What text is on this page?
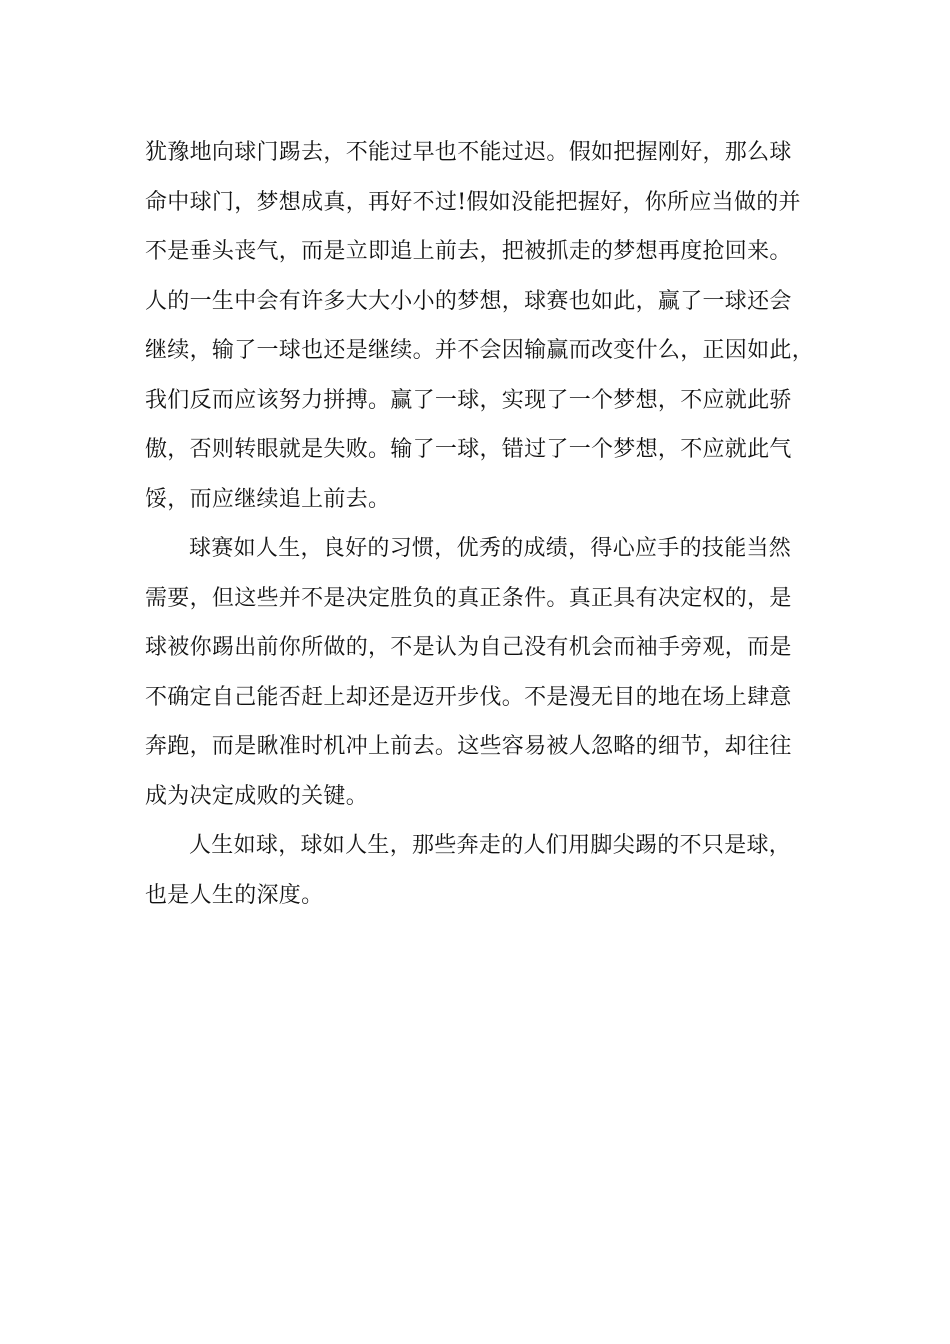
犹豫地向球门踢去，不能过早也不能过迟。假如把握刚好，那么球
命中球门，梦想成真，再好不过!假如没能把握好，你所应当做的并
不是垂头丧气，而是立即追上前去，把被抓走的梦想再度抢回来。
人的一生中会有许多大大小小的梦想，球赛也如此，赢了一球还会
继续，输了一球也还是继续。并不会因输赢而改变什么，正因如此，
我们反而应该努力拼搏。赢了一球，实现了一个梦想，不应就此骄
傲，否则转眼就是失败。输了一球，错过了一个梦想，不应就此气
馁，而应继续追上前去。
球赛如人生，良好的习惯，优秀的成绩，得心应手的技能当然
需要，但这些并不是决定胜负的真正条件。真正具有决定权的，是
球被你踢出前你所做的，不是认为自己没有机会而袖手旁观，而是
不确定自己能否赶上却还是迈开步伐。不是漫无目的地在场上肆意
奔跑，而是瞅准时机冲上前去。这些容易被人忽略的细节，却往往
成为决定成败的关键。
人生如球，球如人生，那些奔走的人们用脚尖踢的不只是球，
也是人生的深度。
